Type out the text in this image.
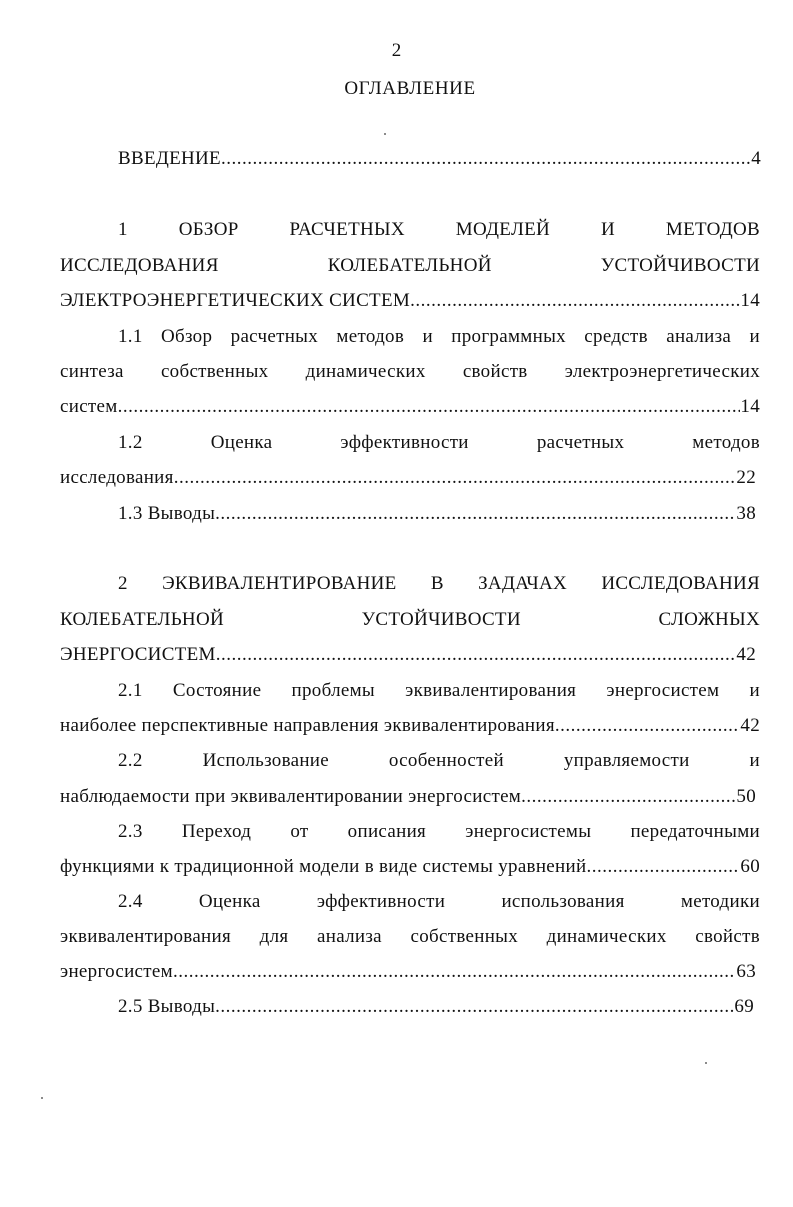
2
ОГЛАВЛЕНИЕ
ВВЕДЕНИЕ .....	4
1	ОБЗОР	РАСЧЕТНЫХ	МОДЕЛЕЙ	И	МЕТОДОВ
ИССЛЕДОВАНИЯ	КОЛЕБАТЕЛЬНОЙ	УСТОЙЧИВОСТИ
ЭЛЕКТРОЭНЕРГЕТИЧЕСКИХ СИСТЕМ .....	14
1.1 Обзор расчетных методов и программных средств анализа и
синтеза собственных динамических свойств электроэнергетических
систем .....	14
1.2	Оценка	эффективности	расчетных	методов
исследования .....	22
1.3 Выводы .....	38
2 ЭКВИВАЛЕНТИРОВАНИЕ В ЗАДАЧАХ ИССЛЕДОВАНИЯ
КОЛЕБАТЕЛЬНОЙ	УСТОЙЧИВОСТИ	СЛОЖНЫХ
ЭНЕРГОСИСТЕМ .....	42
2.1 Состояние проблемы эквивалентирования энергосистем и
наиболее перспективные направления эквивалентирования .....	42
2.2	Использование	особенностей	управляемости	и
наблюдаемости при эквивалентировании энергосистем .....	50
2.3 Переход от описания энергосистемы передаточными
функциями к традиционной модели в виде системы уравнений .....	60
2.4	Оценка	эффективности	использования	методики
эквивалентирования для анализа собственных динамических свойств
энергосистем .....	63
2.5 Выводы .....	69
